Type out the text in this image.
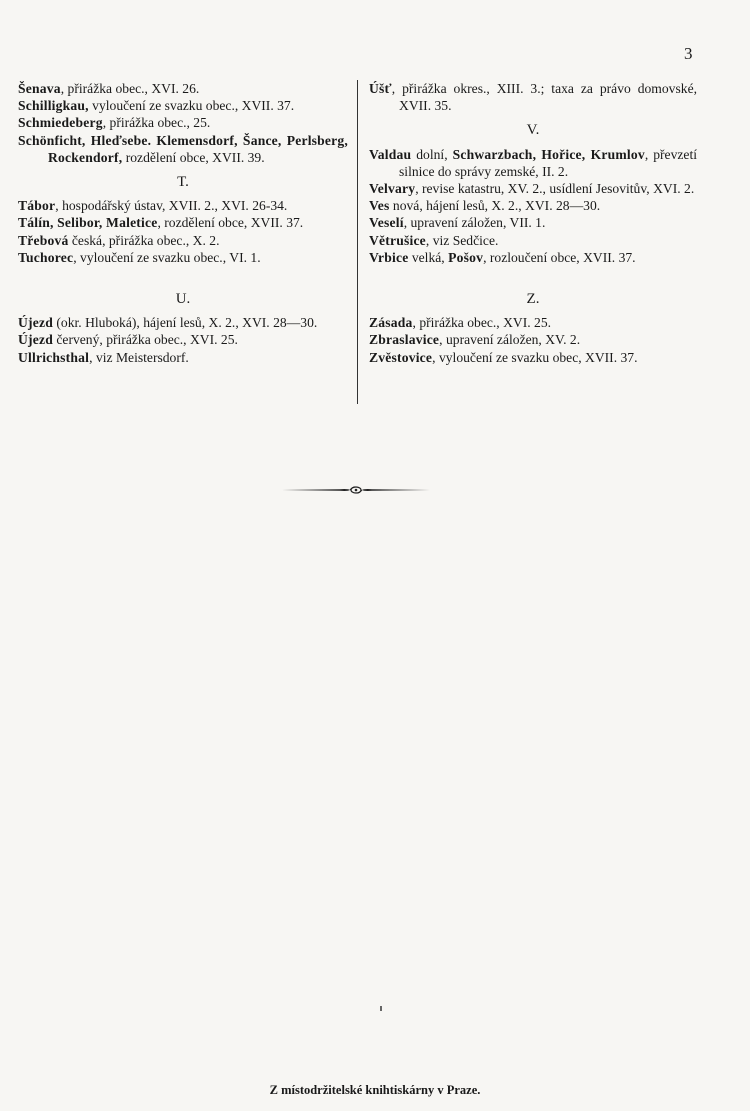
3
Šenava, přirážka obec., XVI. 26.
Schilligkau, vyloučení ze svazku obec., XVII. 37.
Schmiedeberg, přirážka obec., 25.
Schönficht, Hleďsebe. Klemensdorf, Šance, Perlsberg, Rockendorf, rozdělení obce, XVII. 39.
T.
Tábor, hospodářský ústav, XVII. 2., XVI. 26-34.
Tálín, Selibor, Maletice, rozdělení obce, XVII. 37.
Třebová česká, přirážka obec., X. 2.
Tuchorec, vyloučení ze svazku obec., VI. 1.
U.
Újezd (okr. Hluboká), hájení lesů, X. 2., XVI. 28—30.
Újezd červený, přirážka obec., XVI. 25.
Ullrichsthal, viz Meistersdorf.
Úšť, přirážka okres., XIII. 3.; taxa za právo domovské, XVII. 35.
V.
Valdau dolní, Schwarzbach, Hořice, Krumlov, převzetí silnice do správy zemské, II. 2.
Velvary, revise katastru, XV. 2., usídlení Jesovitův, XVI. 2.
Ves nová, hájení lesů, X. 2., XVI. 28—30.
Veselí, upravení záložen, VII. 1.
Větrušice, viz Sedčice.
Vrbice velká, Pošov, rozloučení obce, XVII. 37.
Z.
Zásada, přirážka obec., XVI. 25.
Zbraslavice, upravení záložen, XV. 2.
Zvěstovice, vyloučení ze svazku obec, XVII. 37.
Z místodržitelské knihtiskárny v Praze.
